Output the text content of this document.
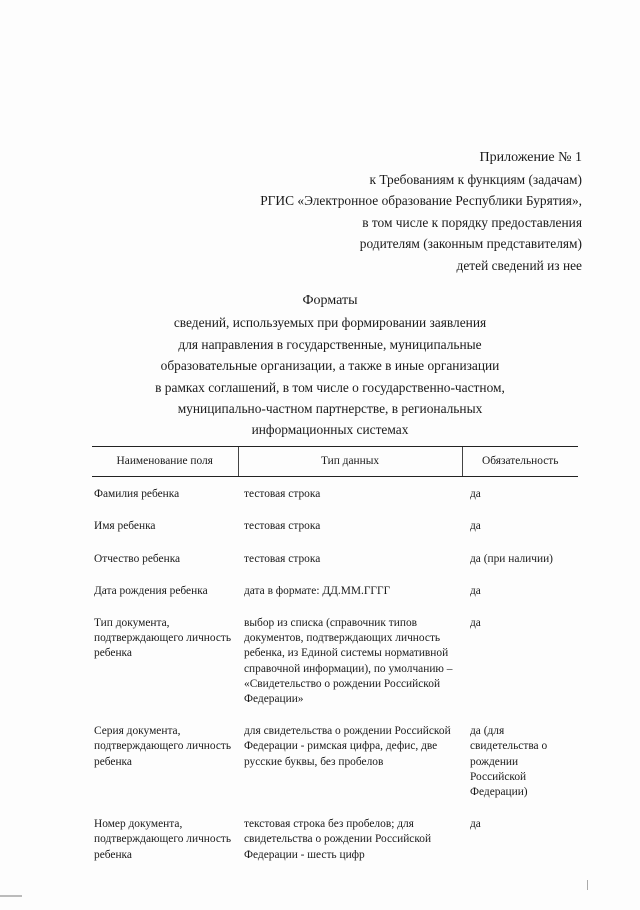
Приложение № 1
к Требованиям к функциям (задачам)
РГИС «Электронное образование Республики Бурятия»,
в том числе к порядку предоставления
родителям (законным представителям)
детей сведений из нее
Форматы
сведений, используемых при формировании заявления
для направления в государственные, муниципальные
образовательные организации, а также в иные организации
в рамках соглашений, в том числе о государственно-частном,
муниципально-частном партнерстве, в региональных
информационных системах
Наименование поля	Тип данных	Обязательность
Фамилия ребенка	тестовая строка	да
Имя ребенка	тестовая строка	да
Отчество ребенка	тестовая строка	да (при наличии)
Дата рождения ребенка	дата в формате: ДД.ММ.ГГГГ	да
Тип документа, подтверждающего личность ребенка	выбор из списка (справочник типов документов, подтверждающих личность ребенка, из Единой системы нормативной справочной информации), по умолчанию – «Свидетельство о рождении Российской Федерации»	да
Серия документа, подтверждающего личность ребенка	для свидетельства о рождении Российской Федерации - римская цифра, дефис, две русские буквы, без пробелов	да (для свидетельства о рождении Российской Федерации)
Номер документа, подтверждающего личность ребенка	текстовая строка без пробелов; для свидетельства о рождении Российской Федерации - шесть цифр	да
